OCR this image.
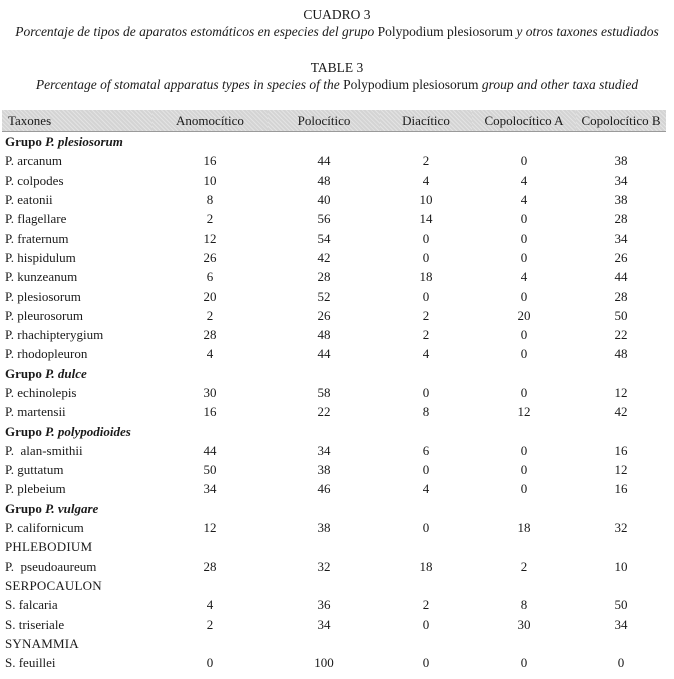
CUADRO 3
Porcentaje de tipos de aparatos estomáticos en especies del grupo Polypodium plesiosorum y otros taxones estudiados
TABLE 3
Percentage of stomatal apparatus types in species of the Polypodium plesiosorum group and other taxa studied
Taxones	Anomocítico	Polocítico	Diacítico	Copolocítico A	Copolocítico B
Grupo P. plesiosorum					
P. arcanum	16	44	2	0	38
P. colpodes	10	48	4	4	34
P. eatonii	8	40	10	4	38
P. flagellare	2	56	14	0	28
P. fraternum	12	54	0	0	34
P. hispidulum	26	42	0	0	26
P. kunzeanum	6	28	18	4	44
P. plesiosorum	20	52	0	0	28
P. pleurosorum	2	26	2	20	50
P. rhachipterygium	28	48	2	0	22
P. rhodopleuron	4	44	4	0	48
Grupo P. dulce					
P. echinolepis	30	58	0	0	12
P. martensii	16	22	8	12	42
Grupo P. polypodioides					
P.  alan-smithii	44	34	6	0	16
P. guttatum	50	38	0	0	12
P. plebeium	34	46	4	0	16
Grupo P. vulgare					
P. californicum	12	38	0	18	32
PHLEBODIUM					
P.  pseudoaureum	28	32	18	2	10
SERPOCAULON					
S. falcaria	4	36	2	8	50
S. triseriale	2	34	0	30	34
SYNAMMIA					
S. feuillei	0	100	0	0	0
